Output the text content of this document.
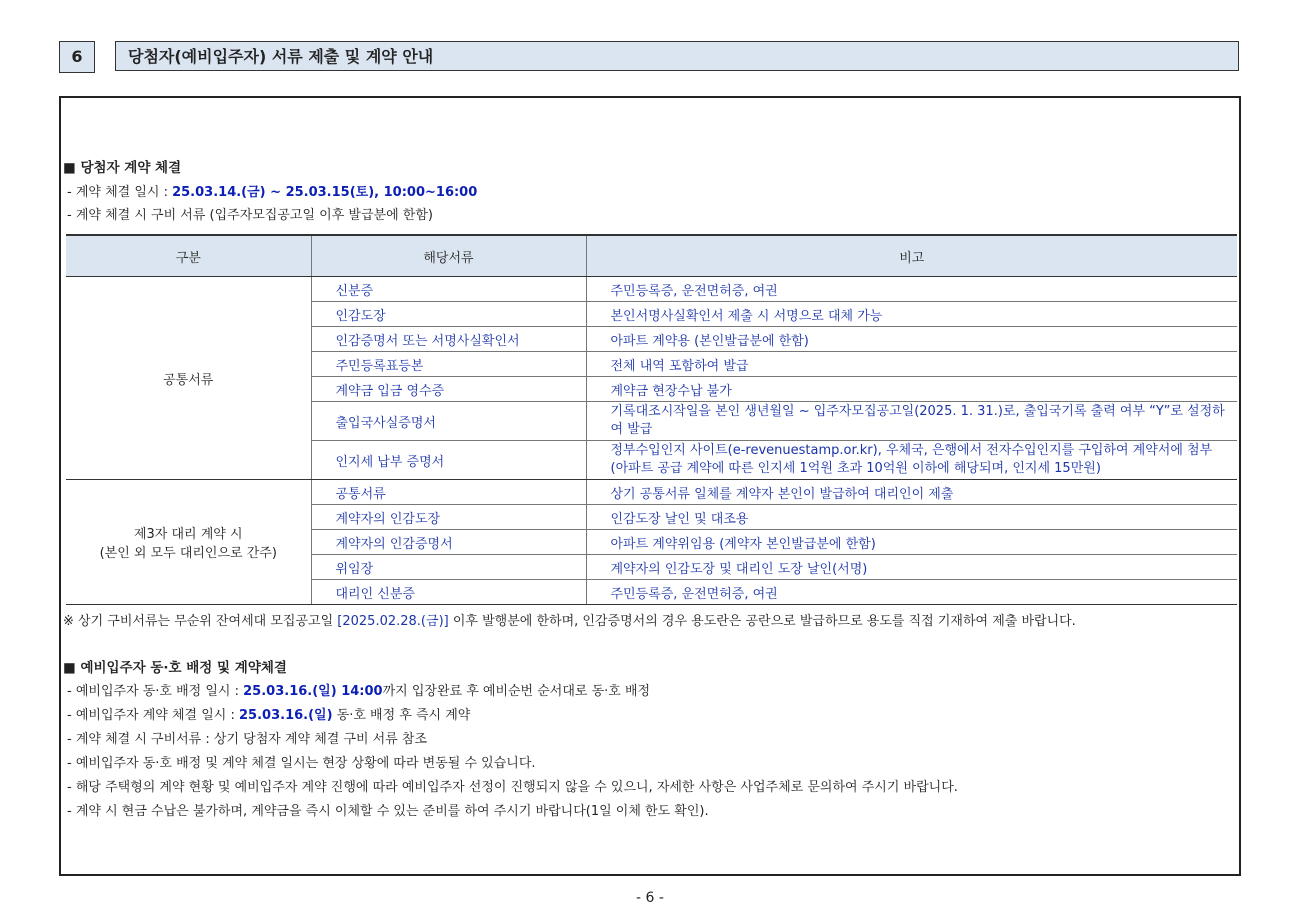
6	당첨자(예비입주자) 서류 제출 및 계약 안내
■ 당첨자 계약 체결
- 계약 체결 일시 : 25.03.14.(금) ~ 25.03.15(토), 10:00~16:00
- 계약 체결 시 구비 서류 (입주자모집공고일 이후 발급분에 한함)
구분	해당서류	비고
공통서류	신분증	주민등록증, 운전면허증, 여권
	인감도장	본인서명사실확인서 제출 시 서명으로 대체 가능
	인감증명서 또는 서명사실확인서	아파트 계약용 (본인발급분에 한함)
	주민등록표등본	전체 내역 포함하여 발급
	계약금 입금 영수증	계약금 현장수납 불가
	출입국사실증명서	기록대조시작일을 본인 생년월일 ~ 입주자모집공고일(2025. 1. 31.)로, 출입국기록 출력 여부 “Y”로 설정하여 발급
	인지세 납부 증명서	정부수입인지 사이트(e-revenuestamp.or.kr), 우체국, 은행에서 전자수입인지를 구입하여 계약서에 첨부(아파트 공급 계약에 따른 인지세 1억원 초과 10억원 이하에 해당되며, 인지세 15만원)

제3자 대리 계약 시
(본인 외 모두 대리인으로 간주)	공통서류	상기 공통서류 일체를 계약자 본인이 발급하여 대리인이 제출
	계약자의 인감도장	인감도장 날인 및 대조용
	계약자의 인감증명서	아파트 계약위임용 (계약자 본인발급분에 한함)
	위임장	계약자의 인감도장 및 대리인 도장 날인(서명)
	대리인 신분증	주민등록증, 운전면허증, 여권
※ 상기 구비서류는 무순위 잔여세대 모집공고일 [2025.02.28.(금)] 이후 발행분에 한하며, 인감증명서의 경우 용도란은 공란으로 발급하므로 용도를 직접 기재하여 제출 바랍니다.
■ 예비입주자 동·호 배정 및 계약체결
- 예비입주자 동·호 배정 일시 : 25.03.16.(일) 14:00까지 입장완료 후 예비순번 순서대로 동·호 배정
- 예비입주자 계약 체결 일시 : 25.03.16.(일) 동·호 배정 후 즉시 계약
- 계약 체결 시 구비서류 : 상기 당첨자 계약 체결 구비 서류 참조
- 예비입주자 동·호 배정 및 계약 체결 일시는 현장 상황에 따라 변동될 수 있습니다.
- 해당 주택형의 계약 현황 및 예비입주자 계약 진행에 따라 예비입주자 선정이 진행되지 않을 수 있으니, 자세한 사항은 사업주체로 문의하여 주시기 바랍니다.
- 계약 시 현금 수납은 불가하며, 계약금을 즉시 이체할 수 있는 준비를 하여 주시기 바랍니다(1일 이체 한도 확인).
- 6 -
